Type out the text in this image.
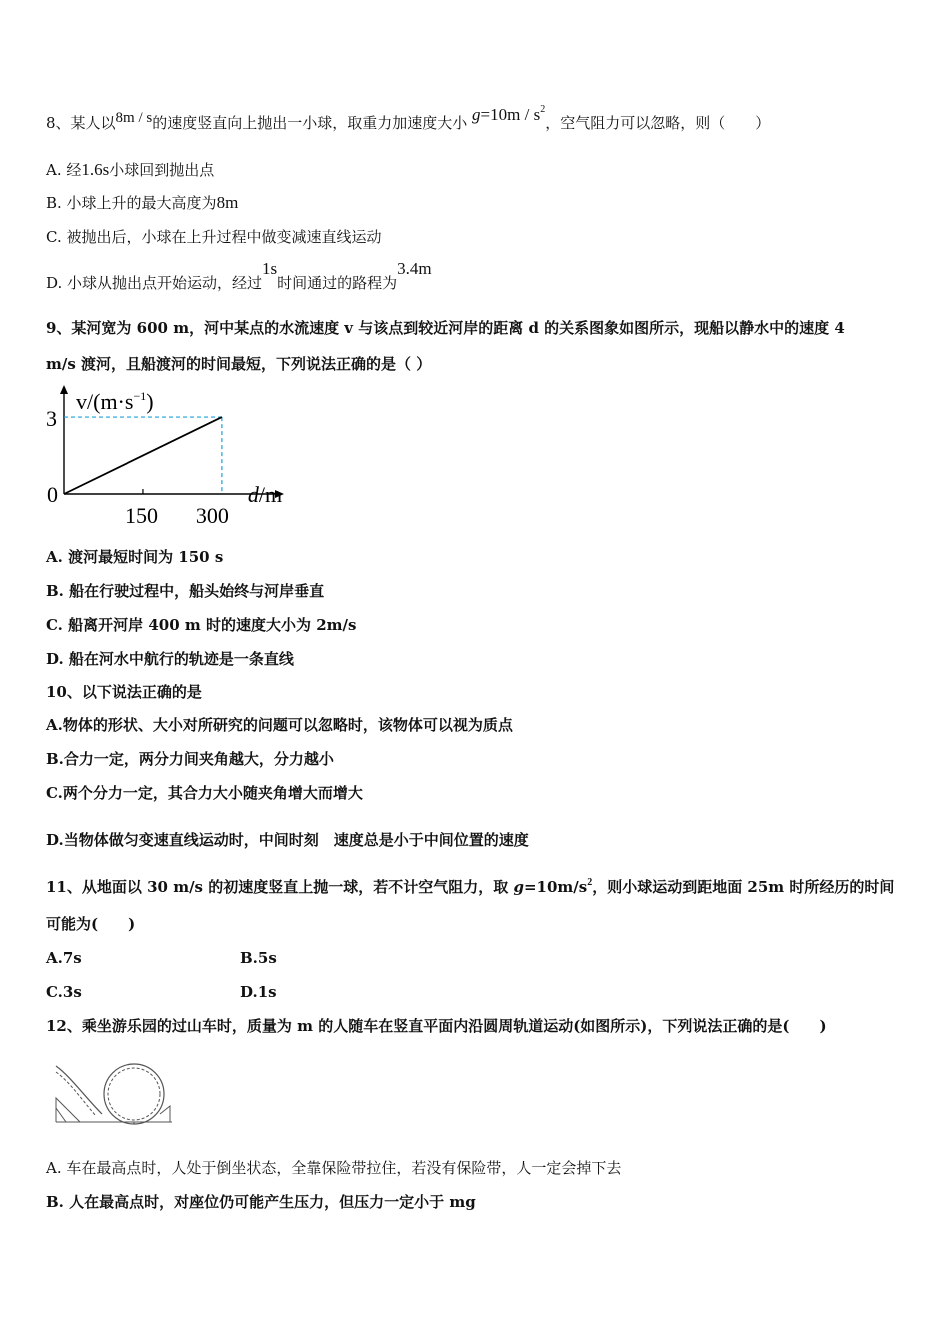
8、某人以8m / s的速度竖直向上抛出一小球，取重力加速度大小 $g=10m / s^2$，空气阻力可以忽略，则（　　）
A. 经1.6s小球回到抛出点
B. 小球上升的最大高度为8m
C. 被抛出后，小球在上升过程中做变减速直线运动
D. 小球从抛出点开始运动，经过1s时间通过的路程为3.4m
9、某河宽为 600 m，河中某点的水流速度 v 与该点到较近河岸的距离 d 的关系图象如图所示，现船以静水中的速度 4
m/s 渡河，且船渡河的时间最短，下列说法正确的是（ ）
0
3
150 300
d/m
$v/(m\cdot s^{-1})$
A. 渡河最短时间为 150 s
B. 船在行驶过程中，船头始终与河岸垂直
C. 船离开河岸 400 m 时的速度大小为 2m/s
D. 船在河水中航行的轨迹是一条直线
10、以下说法正确的是
A.物体的形状、大小对所研究的问题可以忽略时，该物体可以视为质点
B.合力一定，两分力间夹角越大，分力越小
C.两个分力一定，其合力大小随夹角增大而增大
D.当物体做匀变速直线运动时，中间时刻　速度总是小于中间位置的速度
11、从地面以 30 m/s 的初速度竖直上抛一球，若不计空气阻力，取 $g=10m/s^2$，则小球运动到距地面 25m 时所经历的时间
可能为(　　)
A.7s	B.5s
C.3s	D.1s
12、乘坐游乐园的过山车时，质量为 m 的人随车在竖直平面内沿圆周轨道运动(如图所示)，下列说法正确的是(　　)
A. 车在最高点时，人处于倒坐状态，全靠保险带拉住，若没有保险带，人一定会掉下去
B. 人在最高点时，对座位仍可能产生压力，但压力一定小于 mg
